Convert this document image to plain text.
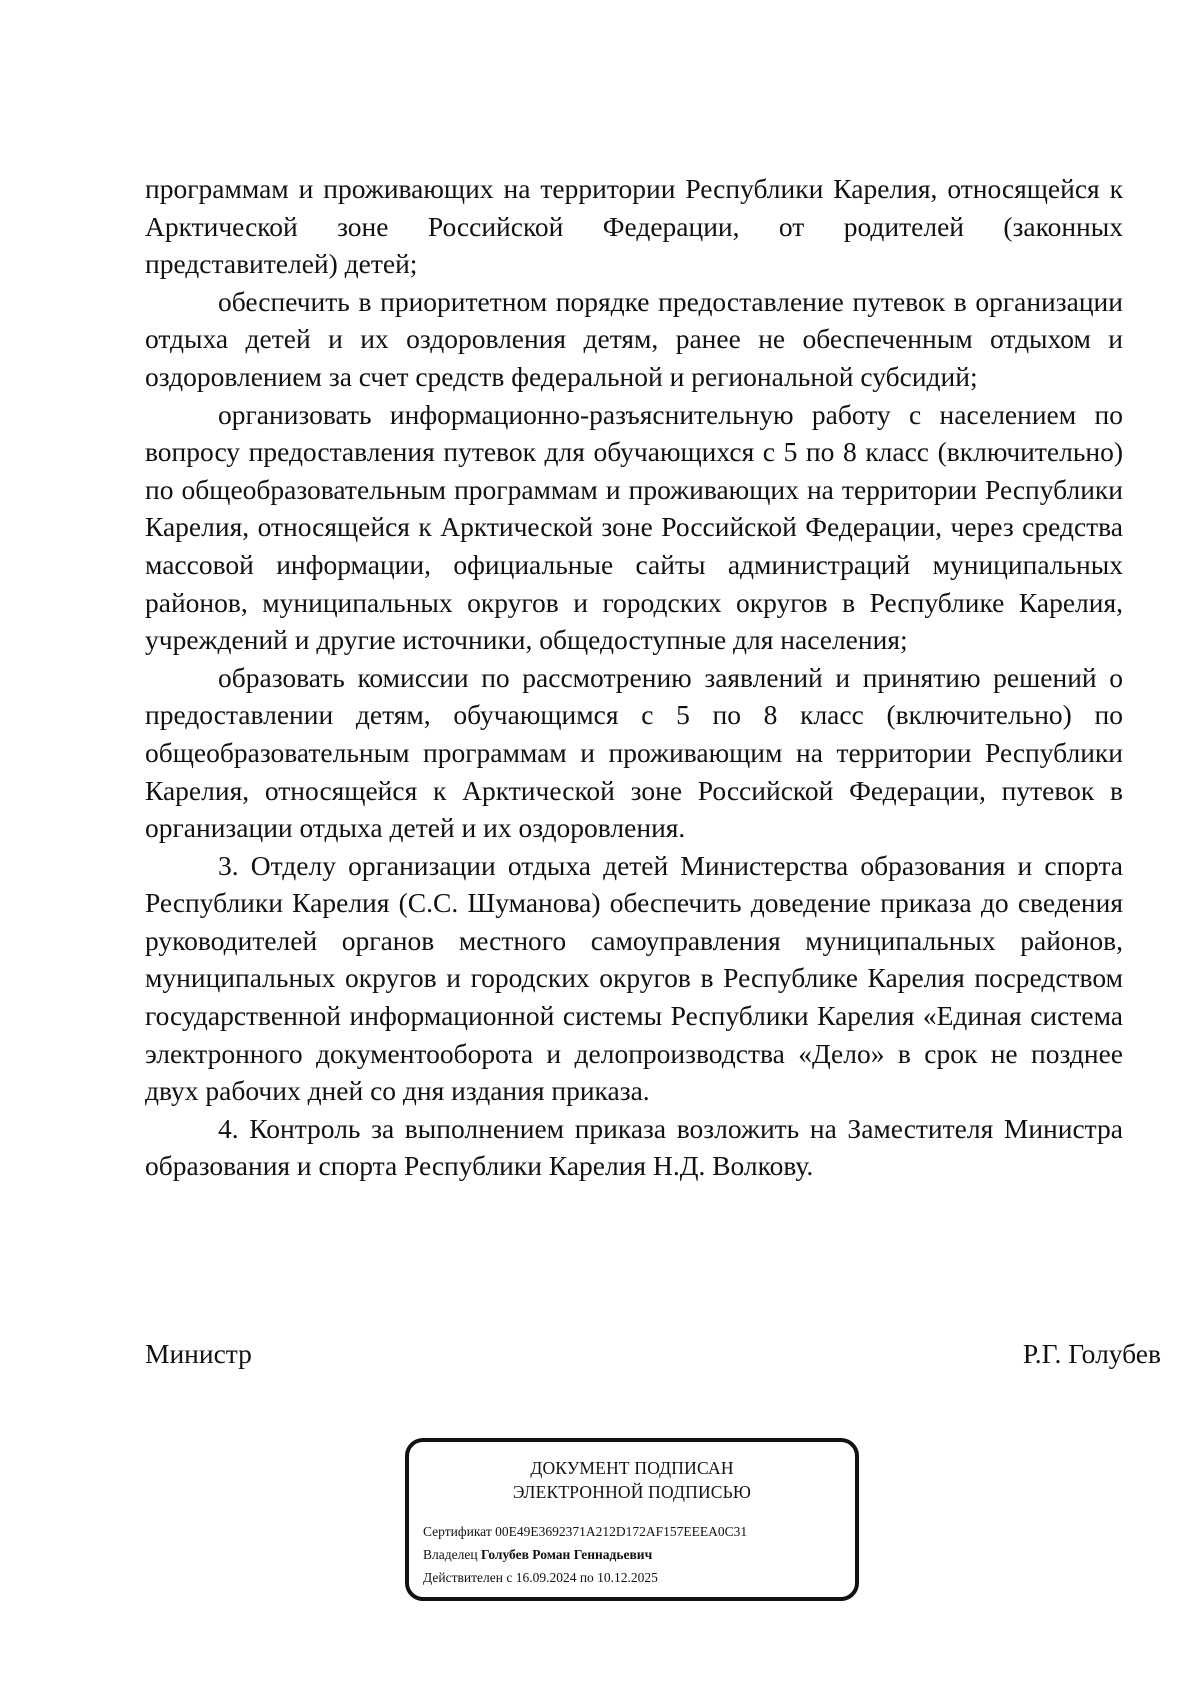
программам и проживающих на территории Республики Карелия, относящейся к Арктической зоне Российской Федерации, от родителей (законных представителей) детей;

обеспечить в приоритетном порядке предоставление путевок в организации отдыха детей и их оздоровления детям, ранее не обеспеченным отдыхом и оздоровлением за счет средств федеральной и региональной субсидий;

организовать информационно-разъяснительную работу с населением по вопросу предоставления путевок для обучающихся с 5 по 8 класс (включительно) по общеобразовательным программам и проживающих на территории Республики Карелия, относящейся к Арктической зоне Российской Федерации, через средства массовой информации, официальные сайты администраций муниципальных районов, муниципальных округов и городских округов в Республике Карелия, учреждений и другие источники, общедоступные для населения;

образовать комиссии по рассмотрению заявлений и принятию решений о предоставлении детям, обучающимся с 5 по 8 класс (включительно) по общеобразовательным программам и проживающим на территории Республики Карелия, относящейся к Арктической зоне Российской Федерации, путевок в организации отдыха детей и их оздоровления.

3. Отделу организации отдыха детей Министерства образования и спорта Республики Карелия (С.С. Шуманова) обеспечить доведение приказа до сведения руководителей органов местного самоуправления муниципальных районов, муниципальных округов и городских округов в Республике Карелия посредством государственной информационной системы Республики Карелия «Единая система электронного документооборота и делопроизводства «Дело» в срок не позднее двух рабочих дней со дня издания приказа.

4. Контроль за выполнением приказа возложить на Заместителя Министра образования и спорта Республики Карелия Н.Д. Волкову.

Министр	Р.Г. Голубев
ДОКУМЕНТ ПОДПИСАН
ЭЛЕКТРОННОЙ ПОДПИСЬЮ
Сертификат 00E49E3692371A212D172AF157EEEA0C31
Владелец Голубев Роман Геннадьевич
Действителен с 16.09.2024 по 10.12.2025
